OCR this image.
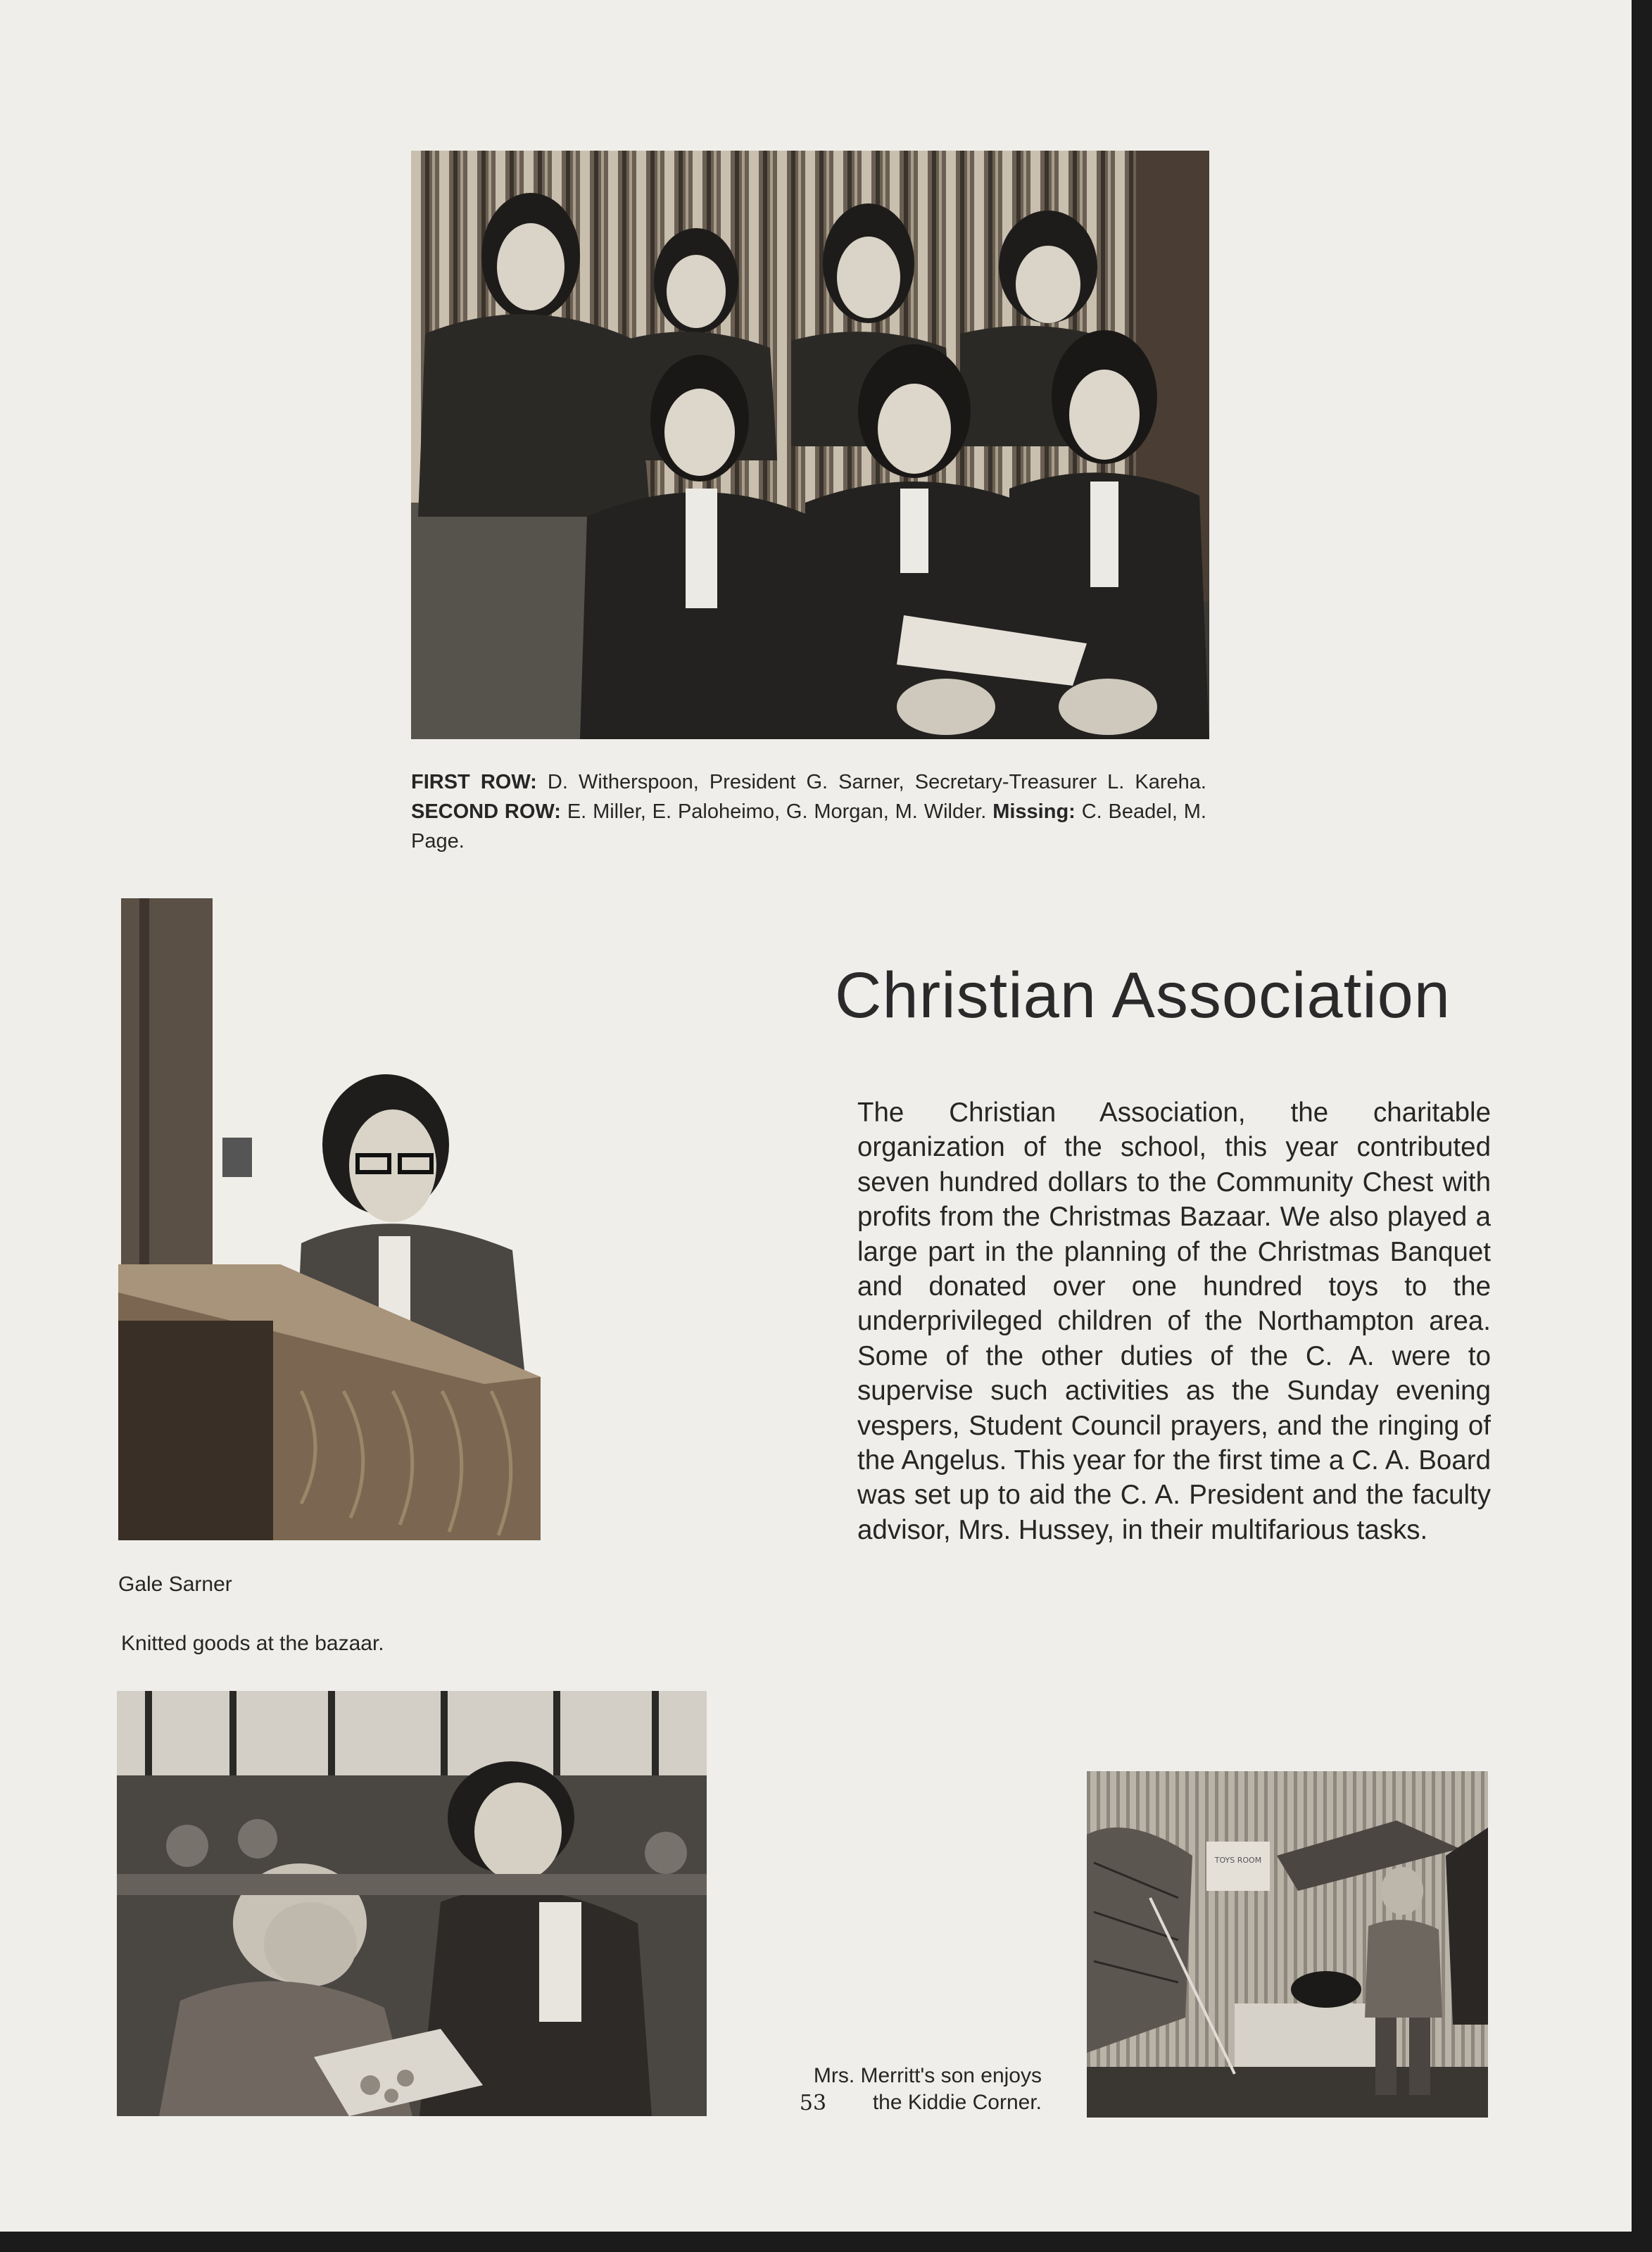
FIRST ROW: D. Witherspoon, President G. Sarner, Secretary-Treasurer L. Kareha. SECOND ROW: E. Miller, E. Paloheimo, G. Morgan, M. Wilder. Missing: C. Beadel, M. Page.
Gale Sarner
Knitted goods at the bazaar.
Christian Association
The Christian Association, the charitable organization of the school, this year contributed seven hundred dollars to the Community Chest with profits from the Christmas Bazaar. We also played a large part in the planning of the Christmas Banquet and donated over one hundred toys to the underprivileged children of the Northampton area. Some of the other duties of the C. A. were to supervise such activities as the Sunday evening vespers, Student Council prayers, and the ringing of the Angelus. This year for the first time a C. A. Board was set up to aid the C. A. President and the faculty advisor, Mrs. Hussey, in their multifarious tasks.
Mrs. Merritt's son enjoys
the Kiddie Corner.
TOYS ROOM
53
